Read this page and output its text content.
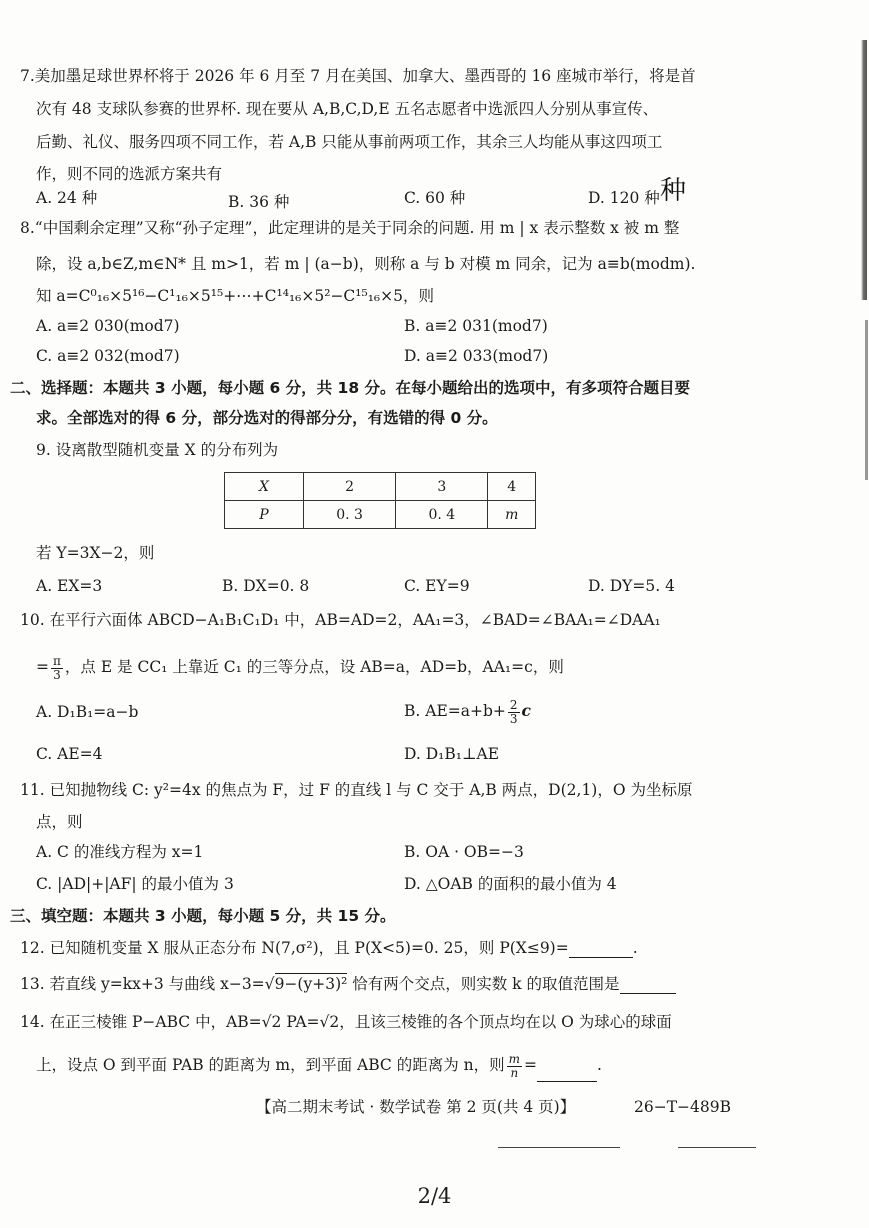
7.美加墨足球世界杯将于 2026 年 6 月至 7 月在美国、加拿大、墨西哥的 16 座城市举行，将是首
次有 48 支球队参赛的世界杯. 现在要从 A,B,C,D,E 五名志愿者中选派四人分别从事宣传、
后勤、礼仪、服务四项不同工作，若 A,B 只能从事前两项工作，其余三人均能从事这四项工
作，则不同的选派方案共有
A. 24 种	B. 36 种	C. 60 种	D. 120 种 种
8.“中国剩余定理”又称“孙子定理”，此定理讲的是关于同余的问题. 用 m | x 表示整数 x 被 m 整
除，设 a,b∈Z,m∈N* 且 m>1，若 m | (a−b)，则称 a 与 b 对模 m 同余，记为 a≡b(modm).
知 a=C⁰₁₆×5¹⁶−C¹₁₆×5¹⁵+⋯+C¹⁴₁₆×5²−C¹⁵₁₆×5，则
A. a≡2 030(mod7)	B. a≡2 031(mod7)
C. a≡2 032(mod7)	D. a≡2 033(mod7)
二、选择题：本题共 3 小题，每小题 6 分，共 18 分。在每小题给出的选项中，有多项符合题目要
求。全部选对的得 6 分，部分选对的得部分分，有选错的得 0 分。
9. 设离散型随机变量 X 的分布列为
X	2	3	4
P	0. 3	0. 4	m
若 Y=3X−2，则
A. EX=3	B. DX=0. 8	C. EY=9	D. DY=5. 4
10. 在平行六面体 ABCD−A₁B₁C₁D₁ 中，AB=AD=2，AA₁=3，∠BAD=∠BAA₁=∠DAA₁
= $\frac{\pi}{3}$ ，点 E 是 CC₁ 上靠近 C₁ 的三等分点，设 AB=a，AD=b，AA₁=c，则
A. D₁B₁=a−b	B. $AE=a+b+ \frac{2}{3}$ c
C. AE=4	D. D₁B₁⊥AE
11. 已知抛物线 C: y²=4x 的焦点为 F，过 F 的直线 l 与 C 交于 A,B 两点，D(2,1)，O 为坐标原
点，则
A. C 的准线方程为 x=1	B. OA · OB=−3
C. |AD|+|AF| 的最小值为 3	D. △OAB 的面积的最小值为 4
三、填空题：本题共 3 小题，每小题 5 分，共 15 分。
12. 已知随机变量 X 服从正态分布 N(7,σ²)，且 P(X<5)=0. 25，则 P(X≤9)=	.
13. 若直线 y=kx+3 与曲线 x−3=√9−(y+3)² 恰有两个交点，则实数 k 的取值范围是
14. 在正三棱锥 P−ABC 中，AB=√2 PA=√2，且该三棱锥的各个顶点均在以 O 为球心的球面
上，设点 O 到平面 PAB 的距离为 m，到平面 ABC 的距离为 n，则 $\frac{m}{n}$ =	.
【高二期末考试 · 数学试卷 第 2 页(共 4 页)】	26−T−489B
2/4
